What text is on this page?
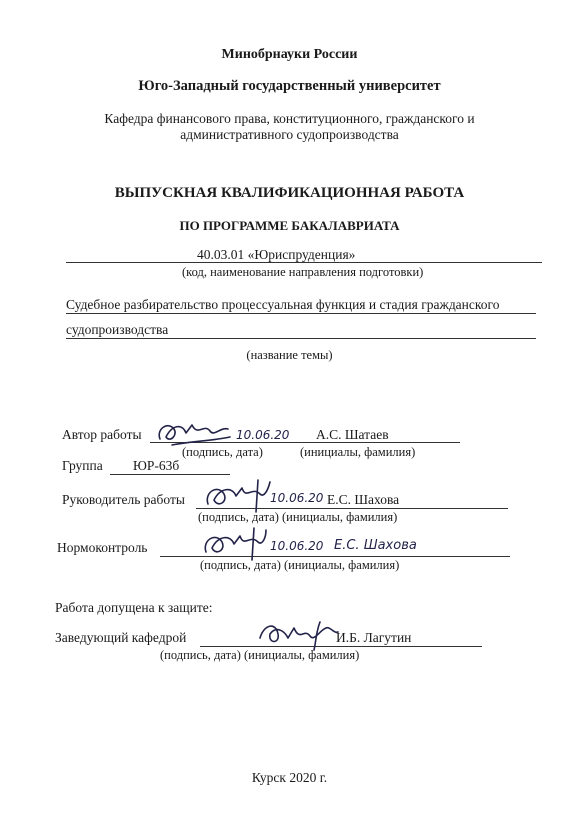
Минобрнауки России
Юго-Западный государственный университет
Кафедра финансового права, конституционного, гражданского и
административного судопроизводства
ВЫПУСКНАЯ КВАЛИФИКАЦИОННАЯ РАБОТА
ПО ПРОГРАММЕ БАКАЛАВРИАТА
40.03.01 «Юриспруденция»
(код, наименование направления подготовки)
Судебное разбирательство процессуальная функция и стадия гражданского
судопроизводства
(название темы)
Автор работы	10.06.20 А.С. Шатаев
(подпись, дата)	(инициалы, фамилия)
Группа ЮР-63б
Руководитель работы	10.06.20 Е.С. Шахова
(подпись, дата) (инициалы, фамилия)
Нормоконтроль	10.06.20 Е.С. Шахова
(подпись, дата) (инициалы, фамилия)
Работа допущена к защите:
Заведующий кафедрой	И.Б. Лагутин
(подпись, дата) (инициалы, фамилия)
Курск 2020 г.
